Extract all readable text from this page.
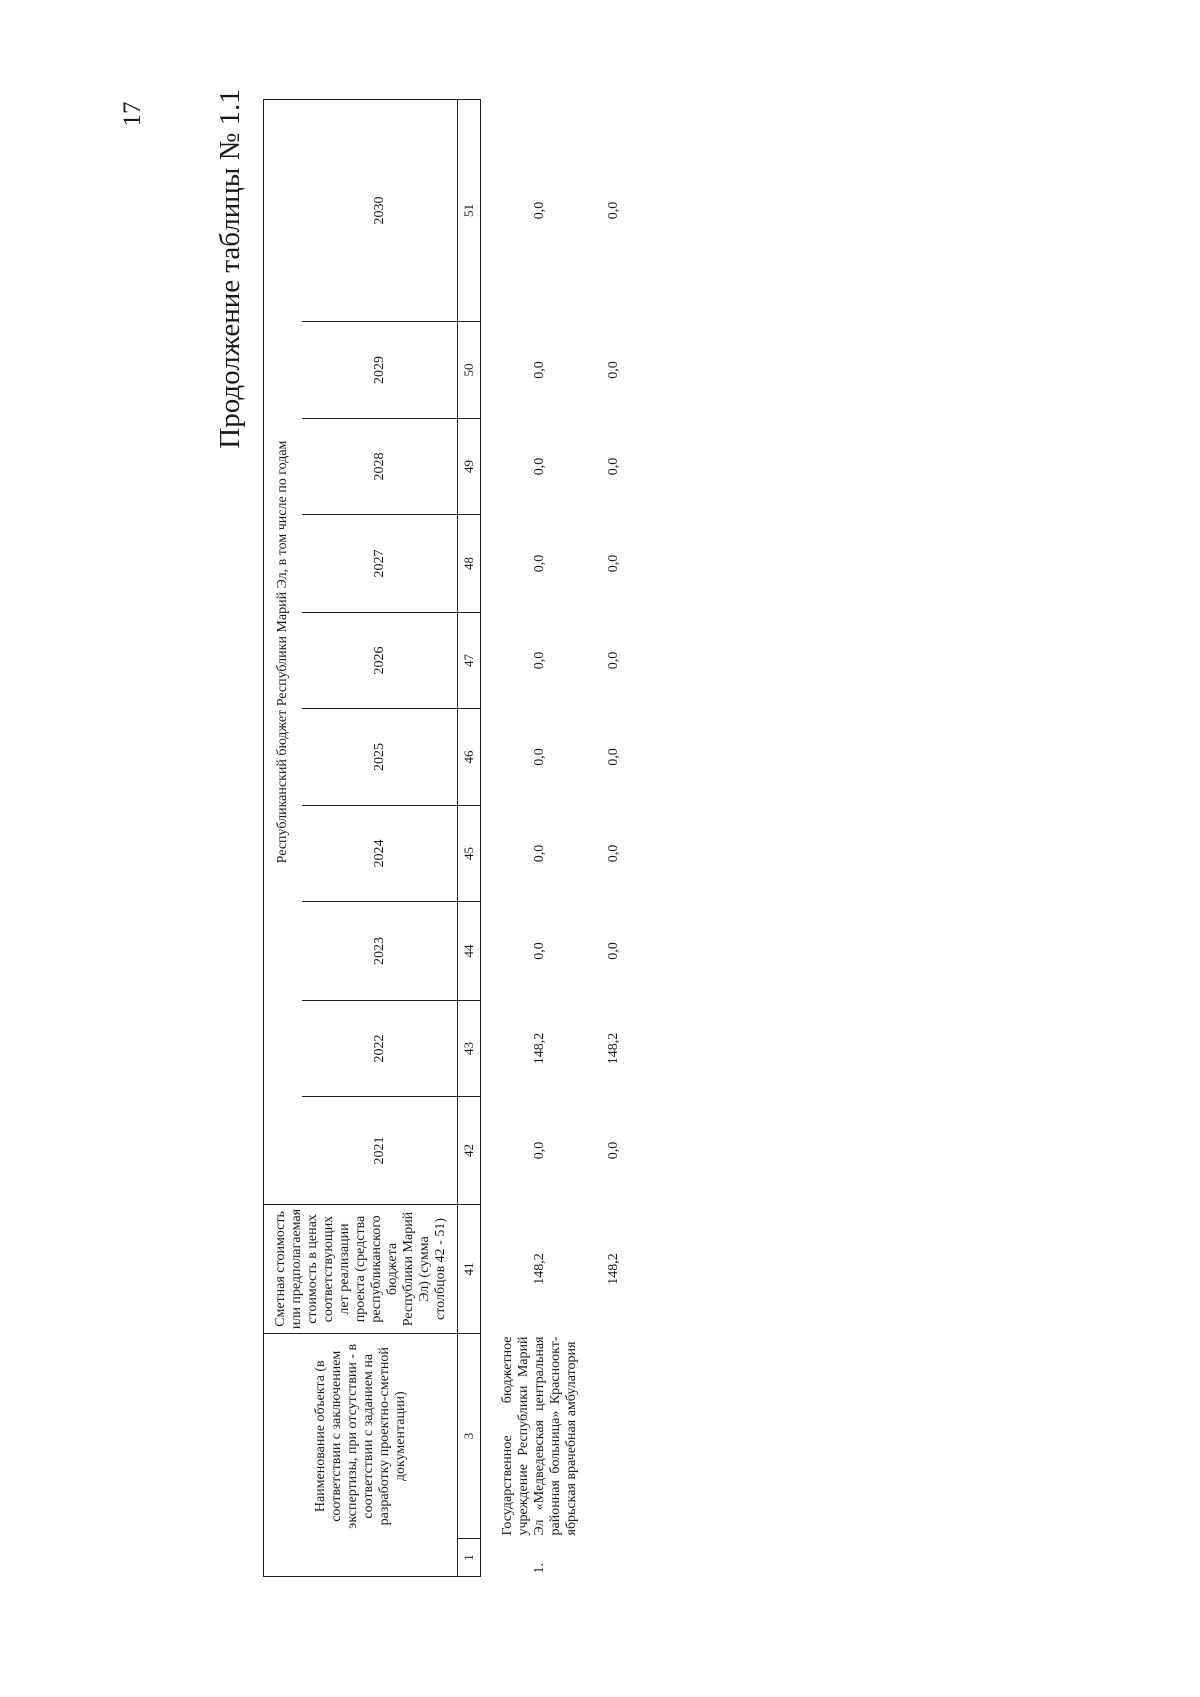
17 Продолжение таблицы № 1.1
	Наименование объекта (в соответствии с заключением экспертизы, при отсутствии - в соответствии с заданием на разработку проектно-сметной документации)	Сметная стоимость или предполагаемая стоимость в ценах соответствующих лет реализации проекта (средства республиканского бюджета Республики Марий Эл) (сумма столбцов 42 - 51)	Республиканский бюджет Республики Марий Эл, в том числе по годам									
			2021	2022	2023	2024	2025	2026	2027	2028	2029	2030
1	3	41	42	43	44	45	46	47	48	49	50	51
1.	Государственное бюджетное учреждение Республики Марий Эл «Медведевская центральная районная больница» Краснооктябрьская врачебная амбулатория	148,2	0,0	148,2	0,0	0,0	0,0	0,0	0,0	0,0	0,0	0,0
		148,2	0,0	148,2	0,0	0,0	0,0	0,0	0,0	0,0	0,0	0,0
